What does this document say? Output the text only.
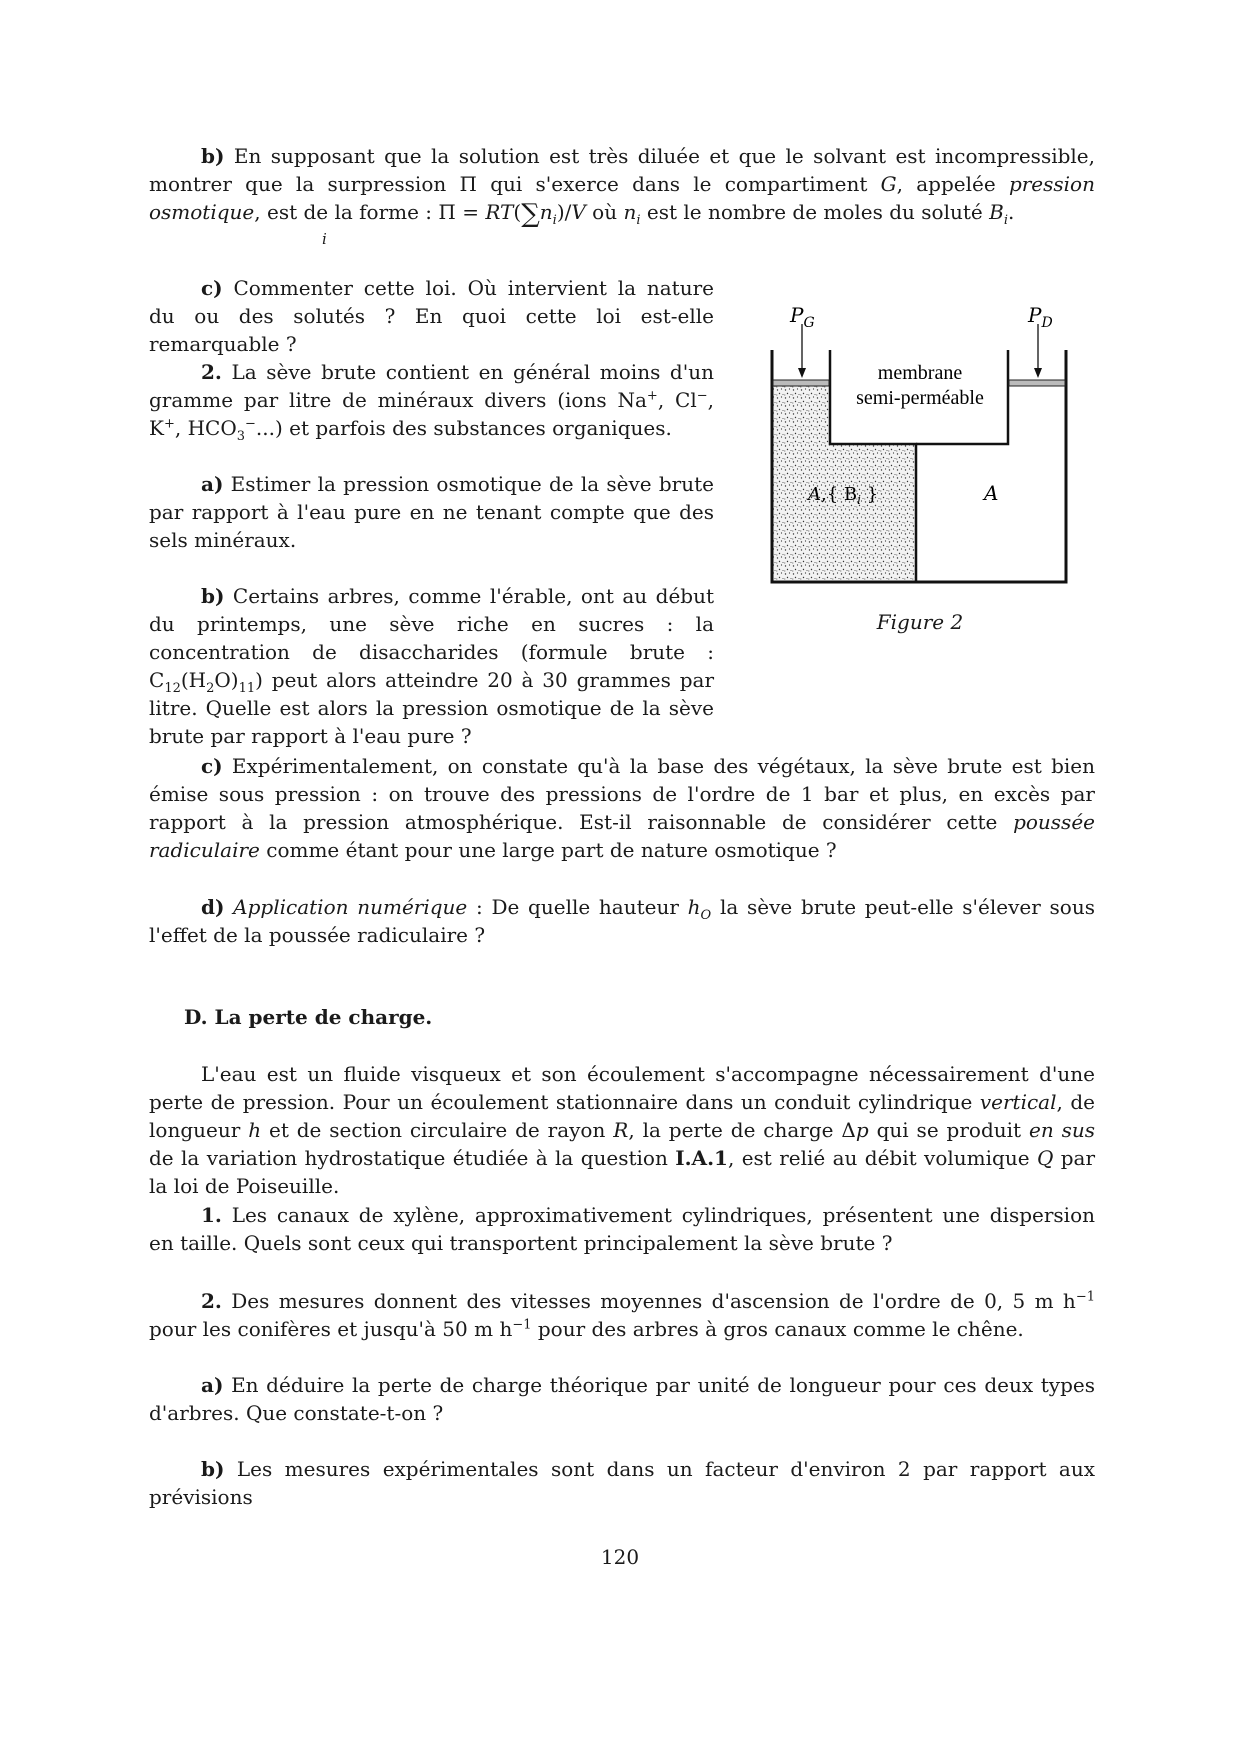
b) En supposant que la solution est très diluée et que le solvant est incompressible, montrer que la surpression Π qui s'exerce dans le compartiment G, appelée pression osmotique, est de la forme : $\Pi = RT(\sum n_i)/V$ où $n_i$ est le nombre de moles du soluté $B_i$.
i
c) Commenter cette loi. Où intervient la nature du ou des solutés ? En quoi cette loi est-elle remarquable ?
2. La sève brute contient en général moins d'un gramme par litre de minéraux divers (ions Na+, Cl−, K+, $HCO_3^-$...) et parfois des substances organiques.
a) Estimer la pression osmotique de la sève brute par rapport à l'eau pure en ne tenant compte que des sels minéraux.
b) Certains arbres, comme l'érable, ont au début du printemps, une sève riche en sucres : la concentration de disaccharides (formule brute : $C_{12}(H_2O)_{11}$) peut alors atteindre 20 à 30 grammes par litre. Quelle est alors la pression osmotique de la sève brute par rapport à l'eau pure ?
c) Expérimentalement, on constate qu'à la base des végétaux, la sève brute est bien émise sous pression : on trouve des pressions de l'ordre de 1 bar et plus, en excès par rapport à la pression atmosphérique. Est-il raisonnable de considérer cette poussée radiculaire comme étant pour une large part de nature osmotique ?
d) Application numérique : De quelle hauteur $h_O$ la sève brute peut-elle s'élever sous l'effet de la poussée radiculaire ?
D. La perte de charge.
L'eau est un fluide visqueux et son écoulement s'accompagne nécessairement d'une perte de pression. Pour un écoulement stationnaire dans un conduit cylindrique vertical, de longueur h et de section circulaire de rayon R, la perte de charge Δp qui se produit en sus de la variation hydrostatique étudiée à la question I.A.1, est relié au débit volumique Q par la loi de Poiseuille.
1. Les canaux de xylène, approximativement cylindriques, présentent une dispersion en taille. Quels sont ceux qui transportent principalement la sève brute ?
2. Des mesures donnent des vitesses moyennes d'ascension de l'ordre de 0, 5 m $h^{-1}$ pour les conifères et jusqu'à 50 m $h^{-1}$ pour des arbres à gros canaux comme le chêne.
a) En déduire la perte de charge théorique par unité de longueur pour ces deux types d'arbres. Que constate-t-on ?
b) Les mesures expérimentales sont dans un facteur d'environ 2 par rapport aux prévisions
$P_G$	$P_D$
membrane
semi-perméable
A,{ $B_i$ }	A
Figure 2
120
